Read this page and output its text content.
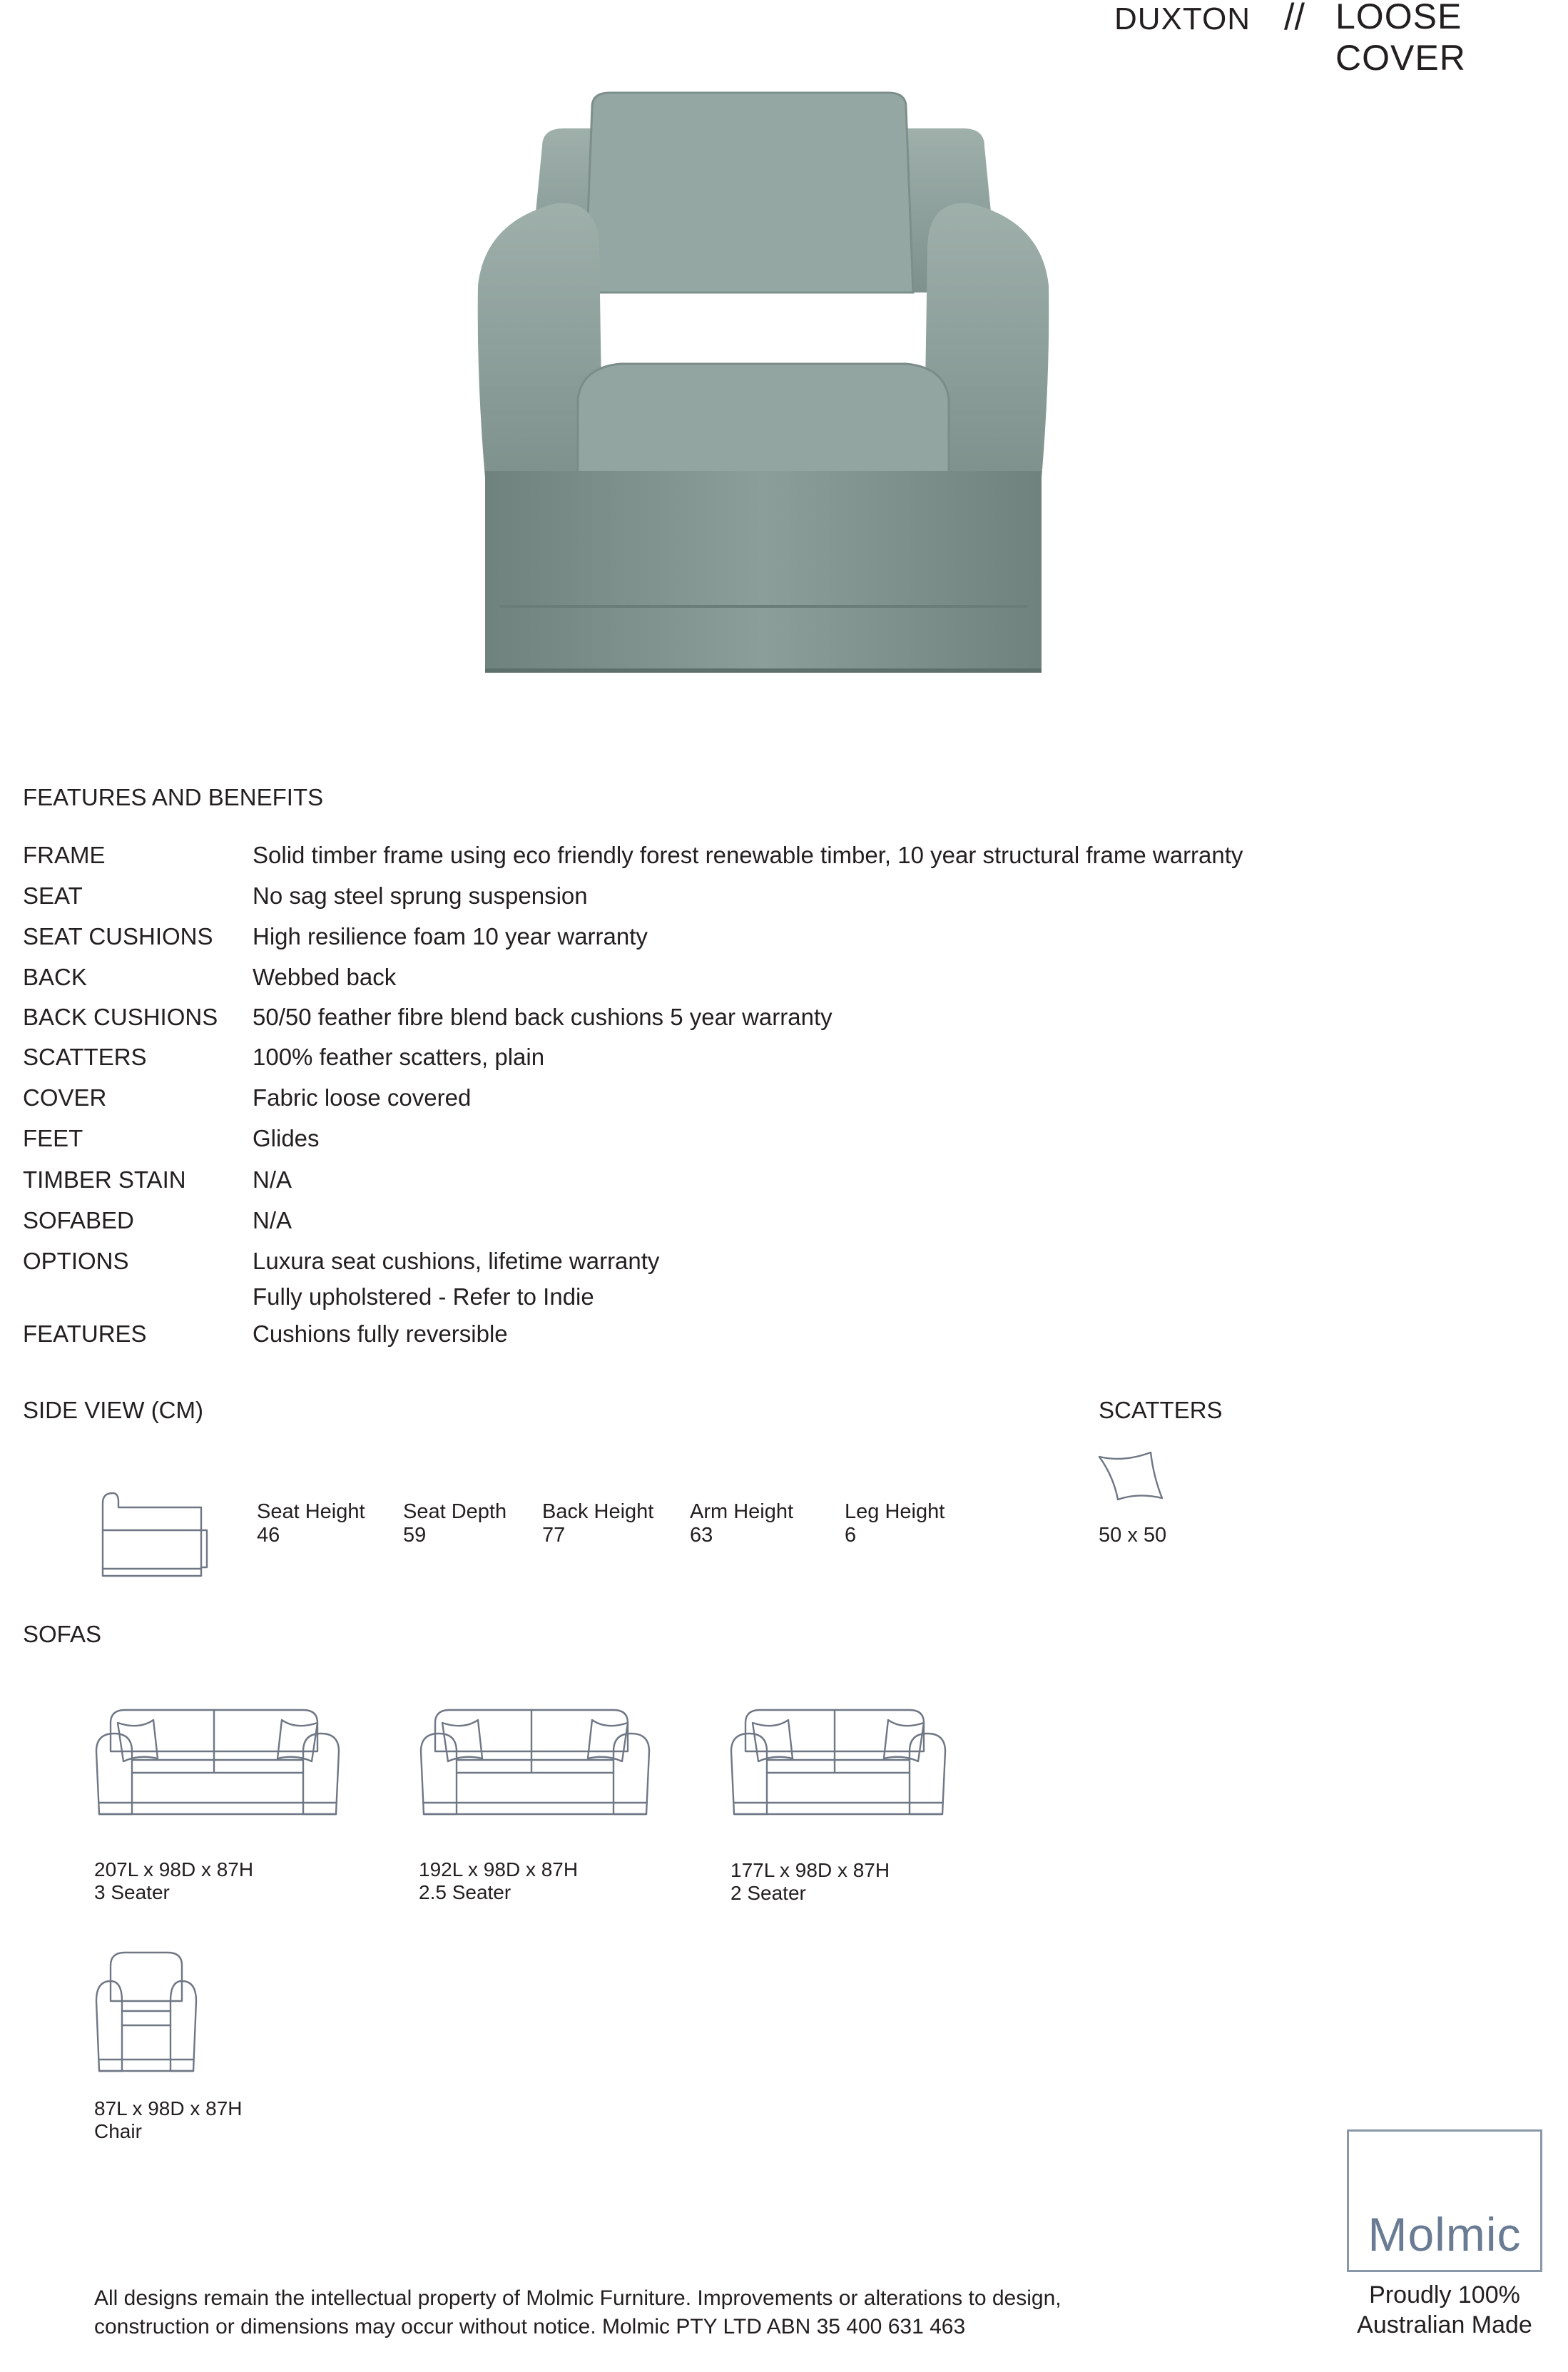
DUXTON // LOOSE COVER
FEATURES AND BENEFITS
FRAME	Solid timber frame using eco friendly forest renewable timber, 10 year structural frame warranty
SEAT	No sag steel sprung suspension
SEAT CUSHIONS High resilience foam 10 year warranty
BACK	Webbed back
BACK CUSHIONS 50/50 feather fibre blend back cushions 5 year warranty
SCATTERS	100% feather scatters, plain
COVER	Fabric loose covered
FEET	Glides
TIMBER STAIN	N/A
SOFABED	N/A
OPTIONS	Luxura seat cushions, lifetime warranty
Fully upholstered - Refer to Indie
FEATURES	Cushions fully reversible
SIDE VIEW (CM)
Seat Height
46
Seat Depth
59
Back Height
77
Arm Height
63
Leg Height
6
SCATTERS
50 x 50
SOFAS
207L x 98D x 87H
3 Seater
192L x 98D x 87H
2.5 Seater
177L x 98D x 87H
2 Seater
87L x 98D x 87H
Chair
All designs remain the intellectual property of Molmic Furniture. Improvements or alterations to design,
construction or dimensions may occur without notice. Molmic PTY LTD ABN 35 400 631 463
Molmic
Proudly 100%
Australian Made
